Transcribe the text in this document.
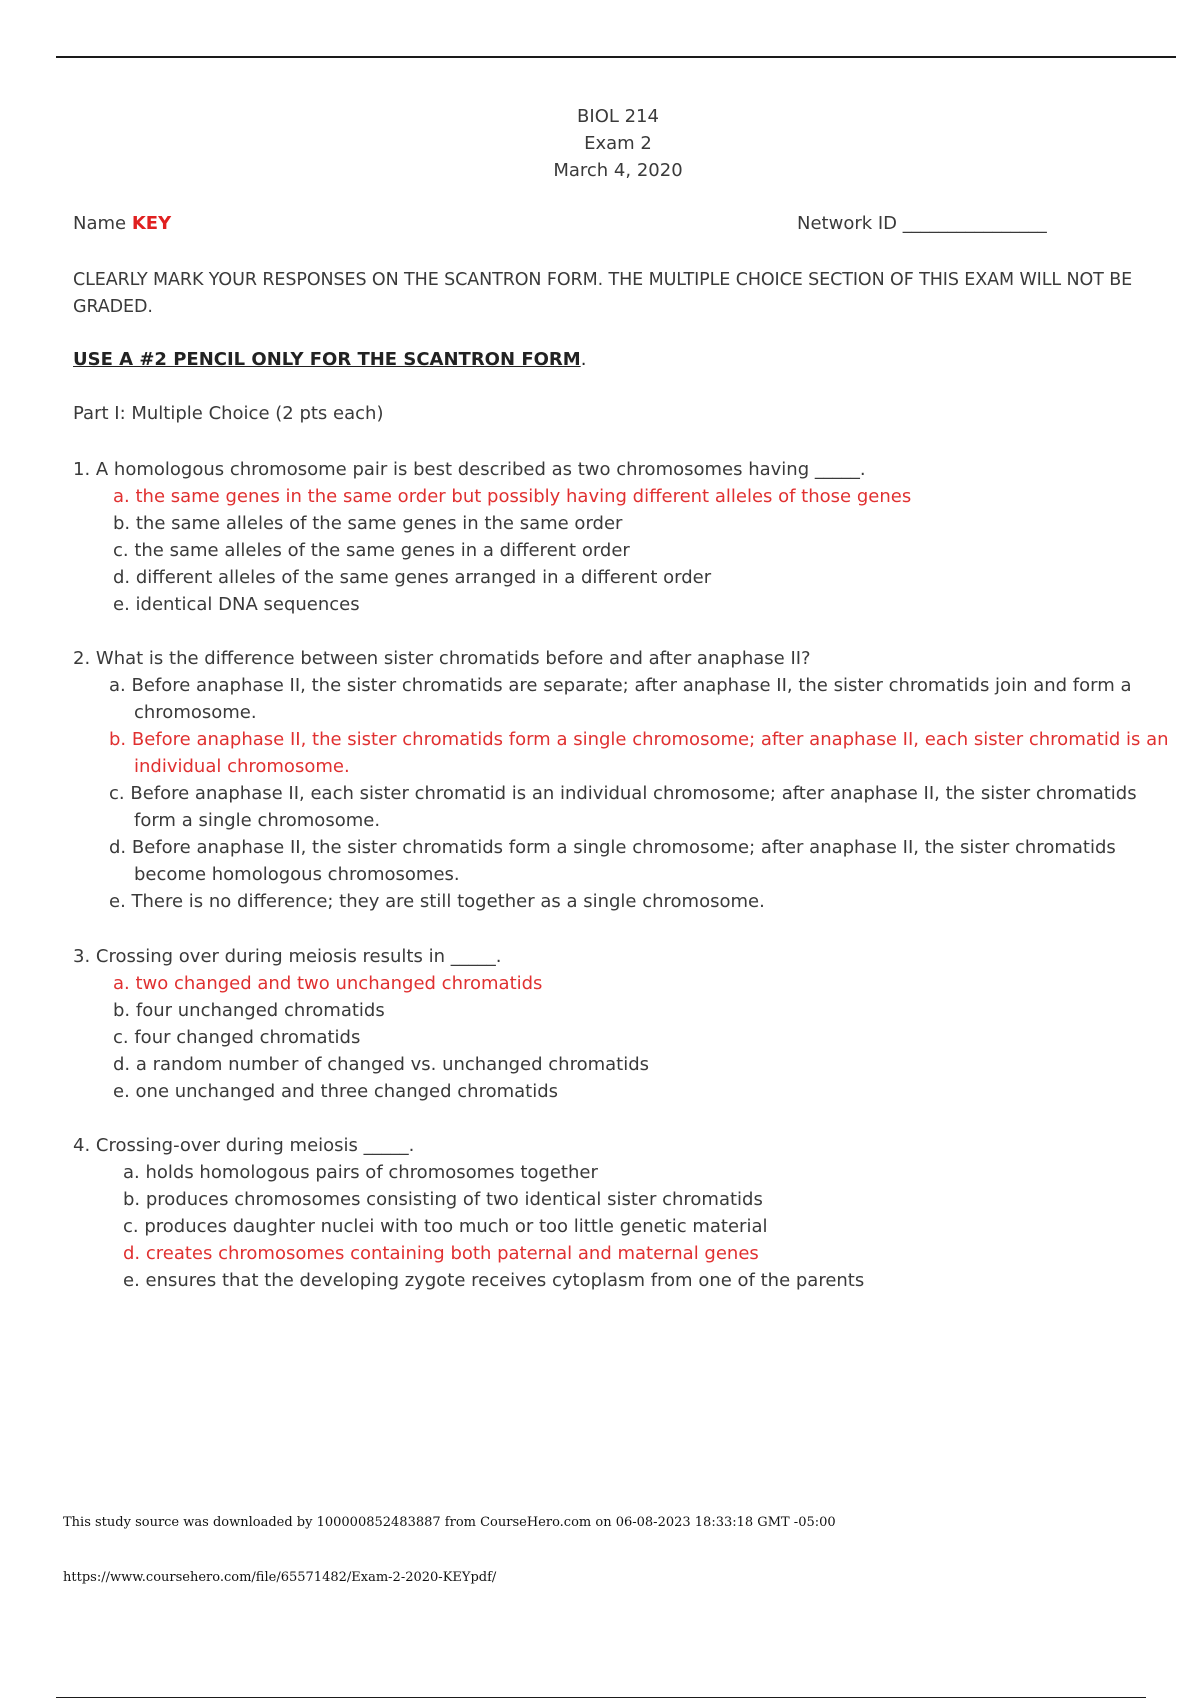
BIOL 214
Exam 2
March 4, 2020
Name KEY	Network ID ________________
CLEARLY MARK YOUR RESPONSES ON THE SCANTRON FORM. THE MULTIPLE CHOICE SECTION OF THIS EXAM WILL NOT BE GRADED.
USE A #2 PENCIL ONLY FOR THE SCANTRON FORM.
Part I: Multiple Choice (2 pts each)
1. A homologous chromosome pair is best described as two chromosomes having _____.
a. the same genes in the same order but possibly having different alleles of those genes
b. the same alleles of the same genes in the same order
c. the same alleles of the same genes in a different order
d. different alleles of the same genes arranged in a different order
e. identical DNA sequences
2. What is the difference between sister chromatids before and after anaphase II?
a. Before anaphase II, the sister chromatids are separate; after anaphase II, the sister chromatids join and form a
chromosome.
b. Before anaphase II, the sister chromatids form a single chromosome; after anaphase II, each sister chromatid is an
individual chromosome.
c. Before anaphase II, each sister chromatid is an individual chromosome; after anaphase II, the sister chromatids
form a single chromosome.
d. Before anaphase II, the sister chromatids form a single chromosome; after anaphase II, the sister chromatids
become homologous chromosomes.
e. There is no difference; they are still together as a single chromosome.
3. Crossing over during meiosis results in _____.
a. two changed and two unchanged chromatids
b. four unchanged chromatids
c. four changed chromatids
d. a random number of changed vs. unchanged chromatids
e. one unchanged and three changed chromatids
4. Crossing-over during meiosis _____.
a. holds homologous pairs of chromosomes together
b. produces chromosomes consisting of two identical sister chromatids
c. produces daughter nuclei with too much or too little genetic material
d. creates chromosomes containing both paternal and maternal genes
e. ensures that the developing zygote receives cytoplasm from one of the parents
This study source was downloaded by 100000852483887 from CourseHero.com on 06-08-2023 18:33:18 GMT -05:00
https://www.coursehero.com/file/65571482/Exam-2-2020-KEYpdf/
